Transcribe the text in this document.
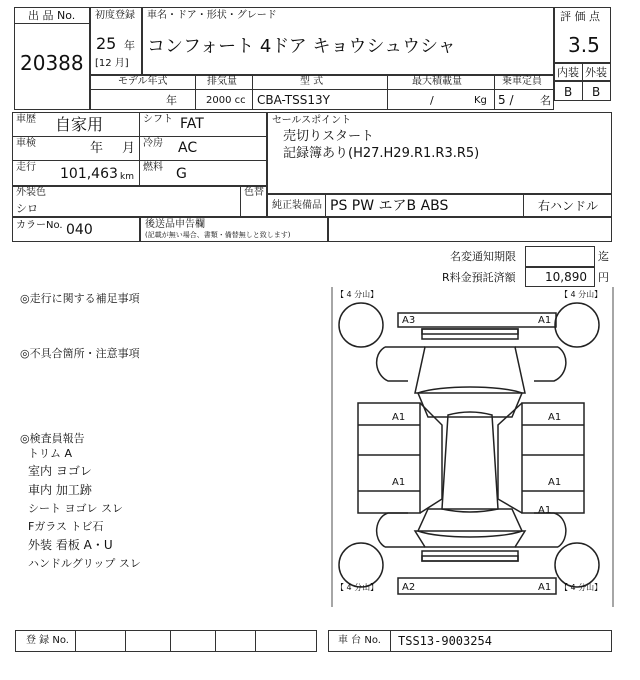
出 品 No.
20388
初度登録
25 年
[12 月]
車名・ドア・形状・グレード
コンフォート 4ドア キョウシュウシャ
評 価 点
3.5
内装 外装
B B
モデル年式	排気量	型 式	最大積載量	乗車定員
年	2000 cc CBA-TSS13Y	/	Kg 5 / 名
車歴 自家用
車検	年 月
走行 101,463 km
シフト FAT
冷房 AC
燃料 G
セールスポイント
売切りスタート
記録簿あり(H27.H29.R1.R3.R5)
外装色
シロ
色替
純正装備品 PS PW エアB ABS	右ハンドル
カラーNo. 040	後送品申告欄
(記載が無い場合、書類・備替無しと致します)
名変通知期限	迄
R料金預託済額 10,890 円
◎走行に関する補足事項
◎不具合箇所・注意事項
◎検査員報告
トリム A
室内 ヨゴレ
車内 加工跡
シート ヨゴレ スレ
Fガラス トビ石
外装 看板 A・U
ハンドルグリップ スレ
【 4 分山】	【 4 分山】
【 4 分山】	【 4 分山】
A3	A1
A1	A1
A1	A1
A1
A2	A1
登 録 No.	車 台 No. TSS13-9003254
